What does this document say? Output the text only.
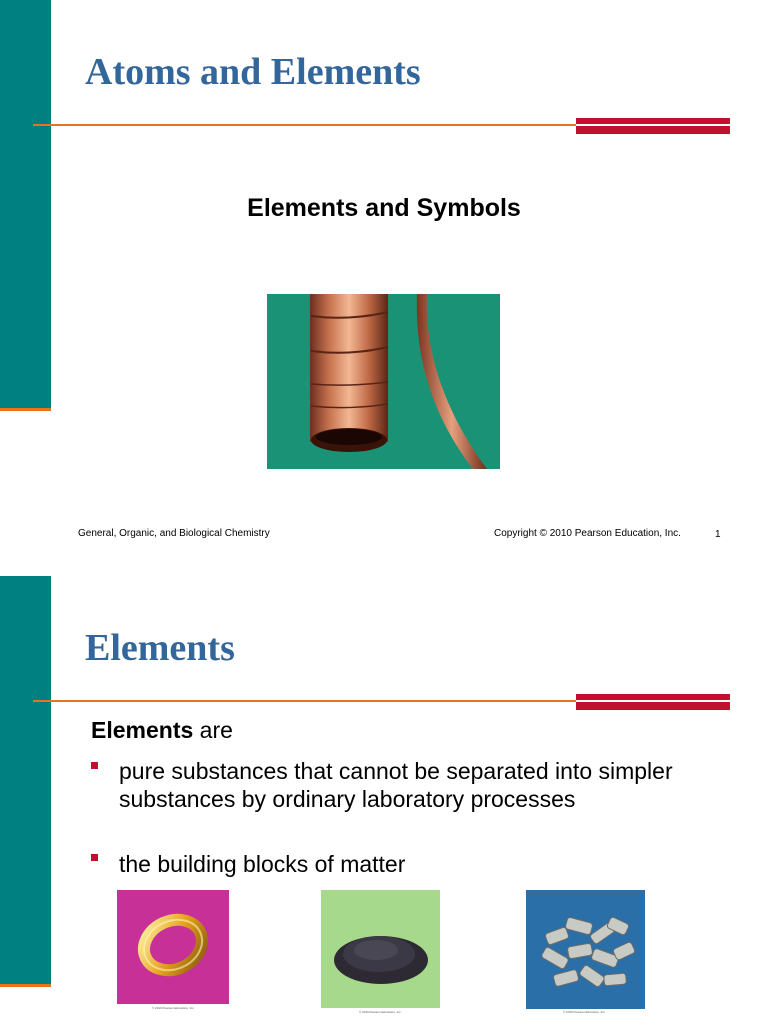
Atoms and Elements
Elements and Symbols
General, Organic, and Biological Chemistry	Copyright © 2010 Pearson Education, Inc.	1
Elements
Elements are
pure substances that cannot be separated into simpler substances by ordinary laboratory processes
the building blocks of matter
© 2010 Pearson Education, Inc.
© 2010 Pearson Education, Inc.	© 2010 Pearson Education, Inc.
